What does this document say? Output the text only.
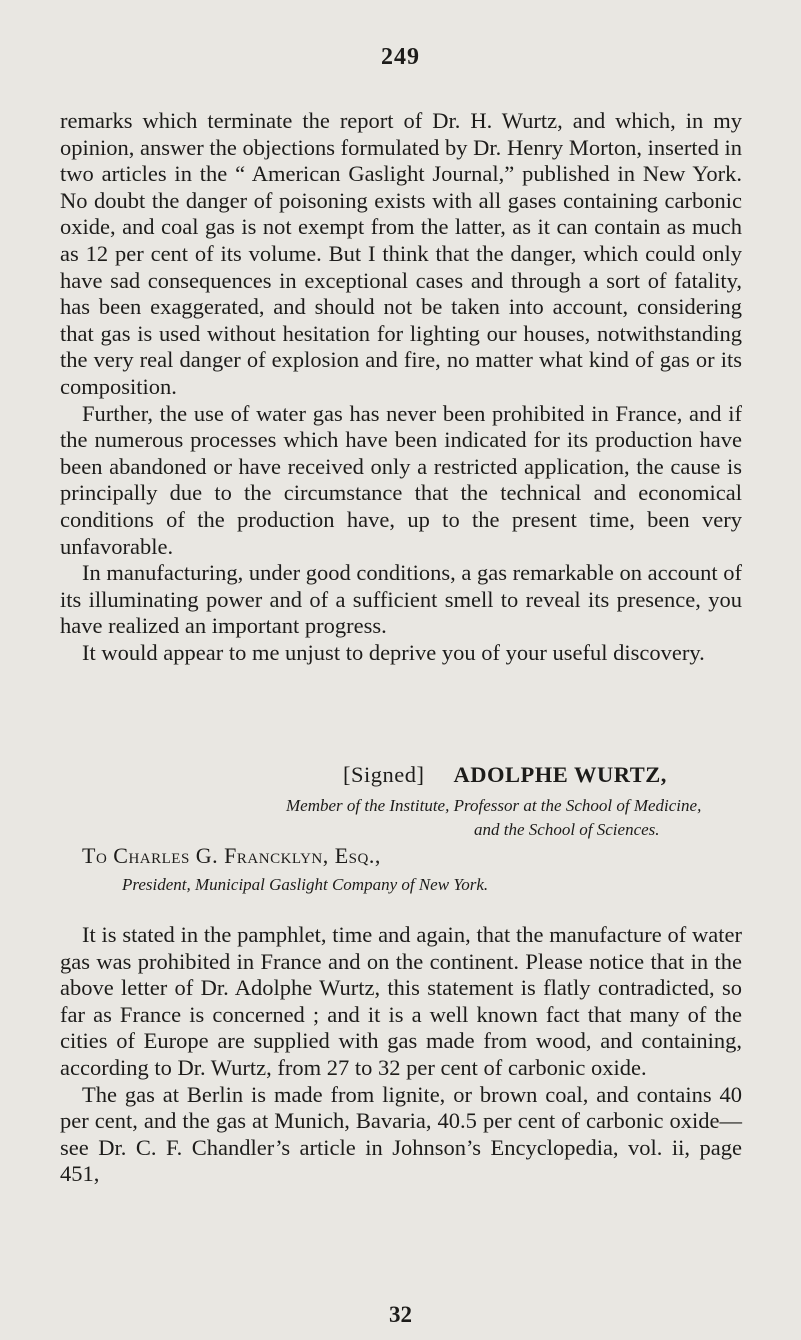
249

remarks which terminate the report of Dr. H. Wurtz, and which, in my opinion, answer the objections formulated by Dr. Henry Morton, inserted in two articles in the “ American Gaslight Journal,” published in New York. No doubt the danger of poisoning exists with all gases containing carbonic oxide, and coal gas is not exempt from the latter, as it can contain as much as 12 per cent of its volume. But I think that the danger, which could only have sad consequences in exceptional cases and through a sort of fatality, has been exaggerated, and should not be taken into account, considering that gas is used without hesitation for lighting our houses, notwithstanding the very real danger of explosion and fire, no matter what kind of gas or its composition.

Further, the use of water gas has never been prohibited in France, and if the numerous processes which have been indicated for its production have been abandoned or have received only a restricted application, the cause is principally due to the circumstance that the technical and economical conditions of the production have, up to the present time, been very unfavorable.

In manufacturing, under good conditions, a gas remarkable on account of its illuminating power and of a sufficient smell to reveal its presence, you have realized an important progress.

It would appear to me unjust to deprive you of your useful discovery.

[Signed] ADOLPHE WURTZ,
Member of the Institute, Professor at the School of Medicine,
and the School of Sciences.
To Charles G. Francklyn, Esq.,
President, Municipal Gaslight Company of New York.

It is stated in the pamphlet, time and again, that the manufacture of water gas was prohibited in France and on the continent. Please notice that in the above letter of Dr. Adolphe Wurtz, this statement is flatly contradicted, so far as France is concerned ; and it is a well known fact that many of the cities of Europe are supplied with gas made from wood, and containing, according to Dr. Wurtz, from 27 to 32 per cent of carbonic oxide.

The gas at Berlin is made from lignite, or brown coal, and contains 40 per cent, and the gas at Munich, Bavaria, 40.5 per cent of carbonic oxide—see Dr. C. F. Chandler’s article in Johnson’s Encyclopedia, vol. ii, page 451,

32
